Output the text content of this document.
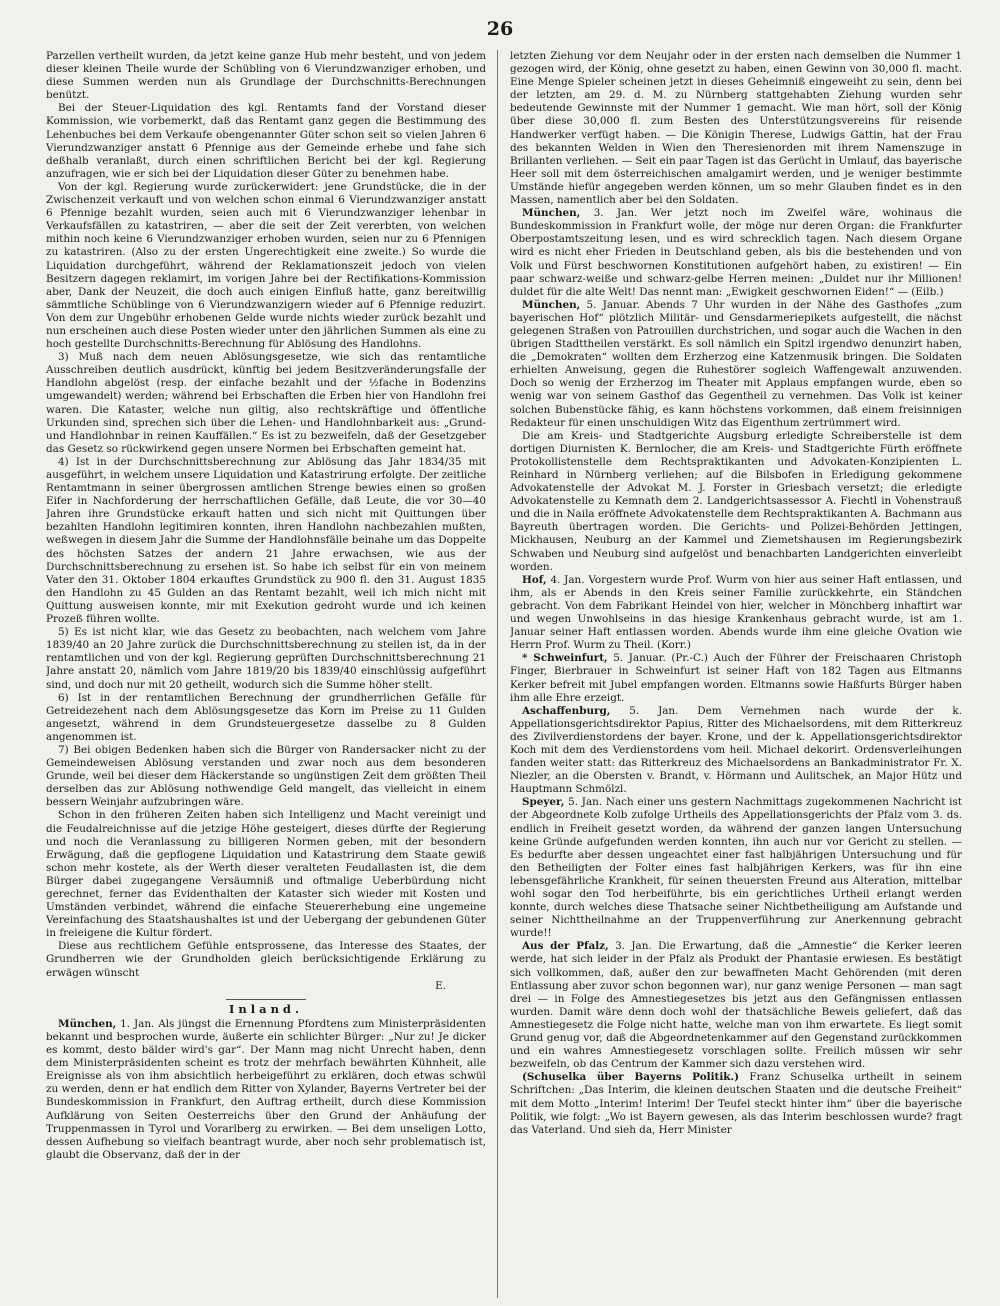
26

Parzellen vertheilt wurden, da jetzt keine ganze Hub mehr besteht, und von jedem dieser kleinen Theile wurde der Schübling von 6 Vierundzwanziger erhoben, und diese Summen werden nun als Grundlage der Durchschnitts-Berechnungen benützt.

Bei der Steuer-Liquidation des kgl. Rentamts fand der Vorstand dieser Kommission, wie vorbemerkt, daß das Rentamt ganz gegen die Bestimmung des Lehenbuches bei dem Verkaufe obengenannter Güter schon seit so vielen Jahren 6 Vierundzwanziger anstatt 6 Pfennige aus der Gemeinde erhebe und fahe sich deßhalb veranlaßt, durch einen schriftlichen Bericht bei der kgl. Regierung anzufragen, wie er sich bei der Liquidation dieser Güter zu benehmen habe.

Von der kgl. Regierung wurde zurückerwidert: jene Grundstücke, die in der Zwischenzeit verkauft und von welchen schon einmal 6 Vierundzwanziger anstatt 6 Pfennige bezahlt wurden, seien auch mit 6 Vierundzwanziger lehenbar in Verkaufsfällen zu katastriren, — aber die seit der Zeit vererbten, von welchen mithin noch keine 6 Vierundzwanziger erhoben wurden, seien nur zu 6 Pfennigen zu katastriren. (Also zu der ersten Ungerechtigkeit eine zweite.) So wurde die Liquidation durchgeführt, während der Reklamationszeit jedoch von vielen Besitzern dagegen reklamirt, im vorigen Jahre bei der Rectifikations-Kommission aber, Dank der Neuzeit, die doch auch einigen Einfluß hatte, ganz bereitwillig sämmtliche Schüblinge von 6 Vierundzwanzigern wieder auf 6 Pfennige reduzirt. Von dem zur Ungebühr erhobenen Gelde wurde nichts wieder zurück bezahlt und nun erscheinen auch diese Posten wieder unter den jährlichen Summen als eine zu hoch gestellte Durchschnitts-Berechnung für Ablösung des Handlohns.

3) Muß nach dem neuen Ablösungsgesetze, wie sich das rentamtliche Ausschreiben deutlich ausdrückt, künftig bei jedem Besitzveränderungsfalle der Handlohn abgelöst (resp. der einfache bezahlt und der ½fache in Bodenzins umgewandelt) werden; während bei Erbschaften die Erben hier von Handlohn frei waren. Die Kataster, welche nun giltig, also rechtskräftige und öffentliche Urkunden sind, sprechen sich über die Lehen- und Handlohnbarkeit aus: „Grund- und Handlohnbar in reinen Kauffällen.“ Es ist zu bezweifeln, daß der Gesetzgeber das Gesetz so rückwirkend gegen unsere Normen bei Erbschaften gemeint hat.

4) Ist in der Durchschnittsberechnung zur Ablösung das Jahr 1834/35 mit ausgeführt, in welchem unsere Liquidation und Katastrirung erfolgte. Der zeitliche Rentamtmann in seiner übergrossen amtlichen Strenge bewies einen so großen Eifer in Nachforderung der herrschaftlichen Gefälle, daß Leute, die vor 30—40 Jahren ihre Grundstücke erkauft hatten und sich nicht mit Quittungen über bezahlten Handlohn legitimiren konnten, ihren Handlohn nachbezahlen mußten, weßwegen in diesem Jahr die Summe der Handlohnsfälle beinahe um das Doppelte des höchsten Satzes der andern 21 Jahre erwachsen, wie aus der Durchschnittsberechnung zu ersehen ist. So habe ich selbst für ein von meinem Vater den 31. Oktober 1804 erkauftes Grundstück zu 900 fl. den 31. August 1835 den Handlohn zu 45 Gulden an das Rentamt bezahlt, weil ich mich nicht mit Quittung ausweisen konnte, mir mit Exekution gedroht wurde und ich keinen Prozeß führen wollte.

5) Es ist nicht klar, wie das Gesetz zu beobachten, nach welchem vom Jahre 1839/40 an 20 Jahre zurück die Durchschnittsberechnung zu stellen ist, da in der rentamtlichen und von der kgl. Regierung geprüften Durchschnittsberechnung 21 Jahre anstatt 20, nämlich vom Jahre 1819/20 bis 1839/40 einschlüssig aufgeführt sind, und doch nur mit 20 getheilt, wodurch sich die Summe höher stellt.

6) Ist in der rentamtlichen Berechnung der grundherrlichen Gefälle für Getreidezehent nach dem Ablösungsgesetze das Korn im Preise zu 11 Gulden angesetzt, während in dem Grundsteuergesetze dasselbe zu 8 Gulden angenommen ist.

7) Bei obigen Bedenken haben sich die Bürger von Randersacker nicht zu der Gemeindeweisen Ablösung verstanden und zwar noch aus dem besonderen Grunde, weil bei dieser dem Häckerstande so ungünstigen Zeit dem größten Theil derselben das zur Ablösung nothwendige Geld mangelt, das vielleicht in einem bessern Weinjahr aufzubringen wäre.

Schon in den früheren Zeiten haben sich Intelligenz und Macht vereinigt und die Feudalreichnisse auf die jetzige Höhe gesteigert, dieses dürfte der Regierung und noch die Veranlassung zu billigeren Normen geben, mit der besondern Erwägung, daß die gepflogene Liquidation und Katastrirung dem Staate gewiß schon mehr kostete, als der Werth dieser veralteten Feudallasten ist, die dem Bürger dabei zugegangene Versäumniß und oftmalige Ueberbürdung nicht gerechnet, ferner das Evidenthalten der Kataster sich wieder mit Kosten und Umständen verbindet, während die einfache Steuererhebung eine ungemeine Vereinfachung des Staatshaushaltes ist und der Uebergang der gebundenen Güter in freieigene die Kultur fördert.

Diese aus rechtlichem Gefühle entsprossene, das Interesse des Staates, der Grundherren wie der Grundholden gleich berücksichtigende Erklärung zu erwägen wünscht

E.

Inland.

München, 1. Jan. Als jüngst die Ernennung Pfordtens zum Ministerpräsidenten bekannt und besprochen wurde, äußerte ein schlichter Bürger: „Nur zu! Je dicker es kommt, desto bälder wird's gar“. Der Mann mag nicht Unrecht haben, denn dem Ministerpräsidenten scheint es trotz der mehrfach bewährten Kühnheit, alle Ereignisse als von ihm absichtlich herbeigeführt zu erklären, doch etwas schwül zu werden, denn er hat endlich dem Ritter von Xylander, Bayerns Vertreter bei der Bundeskommission in Frankfurt, den Auftrag ertheilt, durch diese Kommission Aufklärung von Seiten Oesterreichs über den Grund der Anhäufung der Truppenmassen in Tyrol und Vorarlberg zu erwirken. — Bei dem unseligen Lotto, dessen Aufhebung so vielfach beantragt wurde, aber noch sehr problematisch ist, glaubt die Observanz, daß der in der

letzten Ziehung vor dem Neujahr oder in der ersten nach demselben die Nummer 1 gezogen wird, der König, ohne gesetzt zu haben, einen Gewinn von 30,000 fl. macht. Eine Menge Spieler scheinen jetzt in dieses Geheimniß eingeweiht zu sein, denn bei der letzten, am 29. d. M. zu Nürnberg stattgehabten Ziehung wurden sehr bedeutende Gewinnste mit der Nummer 1 gemacht. Wie man hört, soll der König über diese 30,000 fl. zum Besten des Unterstützungsvereins für reisende Handwerker verfügt haben. — Die Königin Therese, Ludwigs Gattin, hat der Frau des bekannten Welden in Wien den Theresienorden mit ihrem Namenszuge in Brillanten verliehen. — Seit ein paar Tagen ist das Gerücht in Umlauf, das bayerische Heer soll mit dem österreichischen amalgamirt werden, und je weniger bestimmte Umstände hiefür angegeben werden können, um so mehr Glauben findet es in den Massen, namentlich aber bei den Soldaten.

München, 3. Jan. Wer jetzt noch im Zweifel wäre, wohinaus die Bundeskommission in Frankfurt wolle, der möge nur deren Organ: die Frankfurter Oberpostamtszeitung lesen, und es wird schrecklich tagen. Nach diesem Organe wird es nicht eher Frieden in Deutschland geben, als bis die bestehenden und von Volk und Fürst beschwornen Konstitutionen aufgehört haben, zu existiren! — Ein paar schwarz-weiße und schwarz-gelbe Herren meinen: „Duldet nur ihr Millionen! duldet für die alte Welt! Das nennt man: „Ewigkeit geschwornen Eiden!“ — (Eilb.)

München, 5. Januar. Abends 7 Uhr wurden in der Nähe des Gasthofes „zum bayerischen Hof“ plötzlich Militär- und Gensdarmeriepikets aufgestellt, die nächst gelegenen Straßen von Patrouillen durchstrichen, und sogar auch die Wachen in den übrigen Stadttheilen verstärkt. Es soll nämlich ein Spitzl irgendwo denunzirt haben, die „Demokraten“ wollten dem Erzherzog eine Katzenmusik bringen. Die Soldaten erhielten Anweisung, gegen die Ruhestörer sogleich Waffengewalt anzuwenden. Doch so wenig der Erzherzog im Theater mit Applaus empfangen wurde, eben so wenig war von seinem Gasthof das Gegentheil zu vernehmen. Das Volk ist keiner solchen Bubenstücke fähig, es kann höchstens vorkommen, daß einem freisinnigen Redakteur für einen unschuldigen Witz das Eigenthum zertrümmert wird.

Die am Kreis- und Stadtgerichte Augsburg erledigte Schreiberstelle ist dem dortigen Diurnisten K. Bernlocher, die am Kreis- und Stadtgerichte Fürth eröffnete Protokollistenstelle dem Rechtspraktikanten und Advokaten-Konzipienten L. Reinhard in Nürnberg verliehen; auf die Bilsbofen in Erledigung gekommene Advokatenstelle der Advokat M. J. Forster in Griesbach versetzt; die erledigte Advokatenstelle zu Kemnath dem 2. Landgerichtsassessor A. Fiechtl in Vohenstrauß und die in Naila eröffnete Advokatenstelle dem Rechtspraktikanten A. Bachmann aus Bayreuth übertragen worden. Die Gerichts- und Polizei-Behörden Jettingen, Mickhausen, Neuburg an der Kammel und Ziemetshausen im Regierungsbezirk Schwaben und Neuburg sind aufgelöst und benachbarten Landgerichten einverleibt worden.

Hof, 4. Jan. Vorgestern wurde Prof. Wurm von hier aus seiner Haft entlassen, und ihm, als er Abends in den Kreis seiner Familie zurückkehrte, ein Ständchen gebracht. Von dem Fabrikant Heindel von hier, welcher in Mönchberg inhaftirt war und wegen Unwohlseins in das hiesige Krankenhaus gebracht wurde, ist am 1. Januar seiner Haft entlassen worden. Abends wurde ihm eine gleiche Ovation wie Herrn Prof. Wurm zu Theil. (Korr.)

* Schweinfurt, 5. Januar. (Pr.-C.) Auch der Führer der Freischaaren Christoph Finger, Bierbrauer in Schweinfurt ist seiner Haft von 182 Tagen aus Eltmanns Kerker befreit mit Jubel empfangen worden. Eltmanns sowie Haßfurts Bürger haben ihm alle Ehre erzeigt.

Aschaffenburg, 5. Jan. Dem Vernehmen nach wurde der k. Appellationsgerichtsdirektor Papius, Ritter des Michaelsordens, mit dem Ritterkreuz des Zivilverdienstordens der bayer. Krone, und der k. Appellationsgerichtsdirektor Koch mit dem des Verdienstordens vom heil. Michael dekorirt. Ordensverleihungen fanden weiter statt: das Ritterkreuz des Michaelsordens an Bankadministrator Fr. X. Niezler, an die Obersten v. Brandt, v. Hörmann und Aulitschek, an Major Hütz und Hauptmann Schmölzl.

Speyer, 5. Jan. Nach einer uns gestern Nachmittags zugekommenen Nachricht ist der Abgeordnete Kolb zufolge Urtheils des Appellationsgerichts der Pfalz vom 3. ds. endlich in Freiheit gesetzt worden, da während der ganzen langen Untersuchung keine Gründe aufgefunden werden konnten, ihn auch nur vor Gericht zu stellen. — Es bedurfte aber dessen ungeachtet einer fast halbjährigen Untersuchung und für den Betheiligten der Folter eines fast halbjährigen Kerkers, was für ihn eine lebensgefährliche Krankheit, für seinen theuersten Freund aus Alteration, mittelbar wohl sogar den Tod herbeiführte, bis ein gerichtliches Urtheil erlangt werden konnte, durch welches diese Thatsache seiner Nichtbetheiligung am Aufstande und seiner Nichttheilnahme an der Truppenverführung zur Anerkennung gebracht wurde!!

Aus der Pfalz, 3. Jan. Die Erwartung, daß die „Amnestie“ die Kerker leeren werde, hat sich leider in der Pfalz als Produkt der Phantasie erwiesen. Es bestätigt sich vollkommen, daß, außer den zur bewaffneten Macht Gehörenden (mit deren Entlassung aber zuvor schon begonnen war), nur ganz wenige Personen — man sagt drei — in Folge des Amnestiegesetzes bis jetzt aus den Gefängnissen entlassen wurden. Damit wäre denn doch wohl der thatsächliche Beweis geliefert, daß das Amnestiegesetz die Folge nicht hatte, welche man von ihm erwartete. Es liegt somit Grund genug vor, daß die Abgeordnetenkammer auf den Gegenstand zurückkommen und ein wahres Amnestiegesetz vorschlagen sollte. Freilich müssen wir sehr bezweifeln, ob das Centrum der Kammer sich dazu verstehen wird.

(Schuselka über Bayerns Politik.) Franz Schuselka urtheilt in seinem Schriftchen: „Das Interim, die kleinen deutschen Staaten und die deutsche Freiheit“ mit dem Motto „Interim! Interim! Der Teufel steckt hinter ihm“ über die bayerische Politik, wie folgt: „Wo ist Bayern gewesen, als das Interim beschlossen wurde? fragt das Vaterland. Und sieh da, Herr Minister
